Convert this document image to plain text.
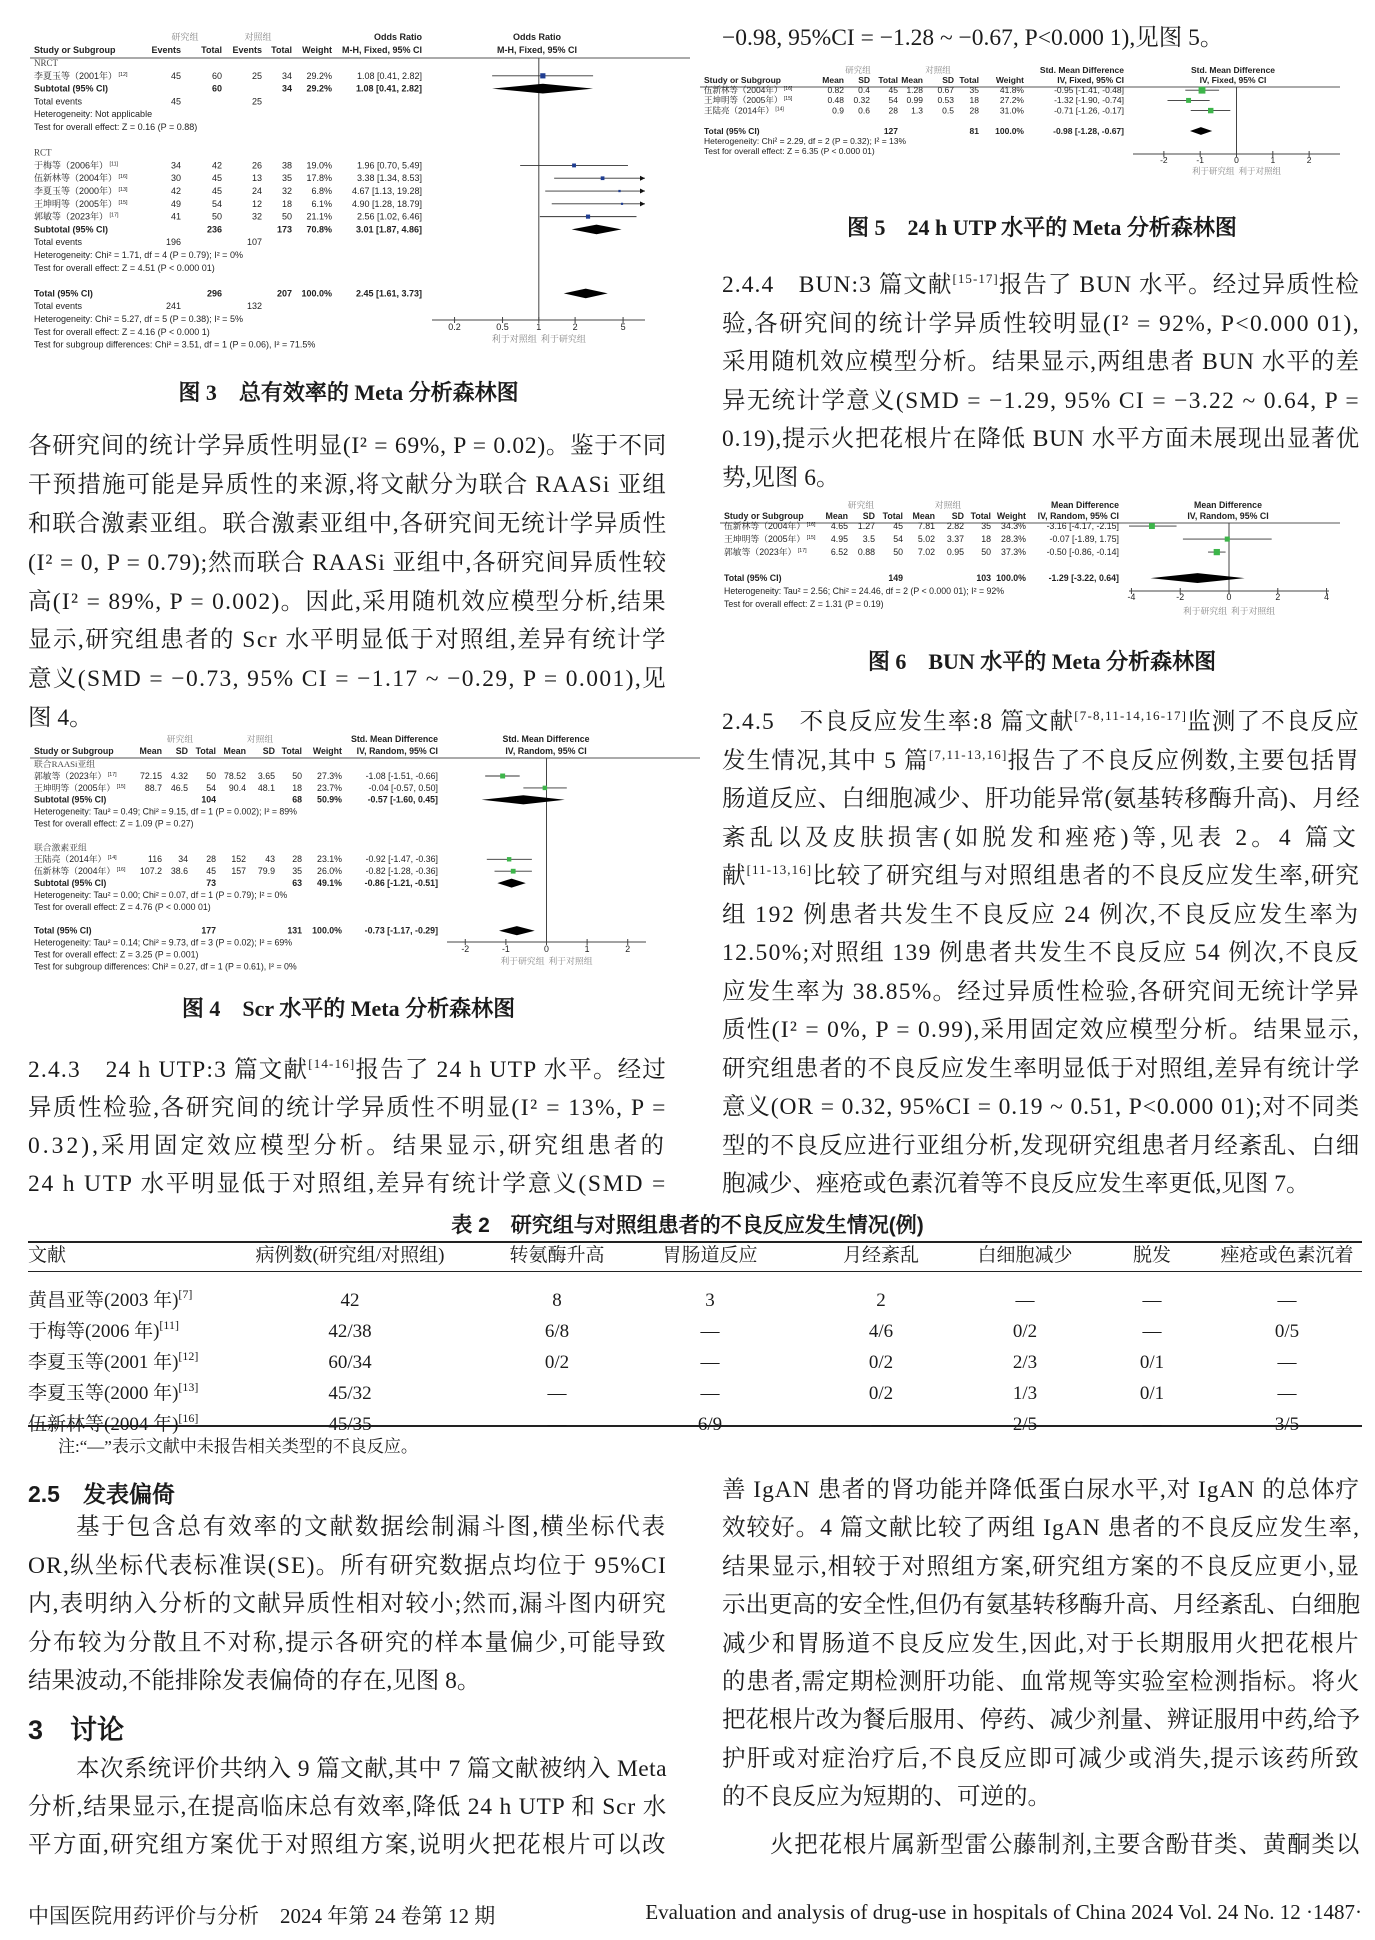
研究组	对照组	Odds Ratio	Odds Ratio
Study or Subgroup	Events Total Events Total Weight M-H, Fixed, 95% CI	M-H, Fixed, 95% CI
0.2	0.5	1	2	5
利于对照组 利于研究组
NRCT
李夏玉等（2001年） [12]	45	60	25 34 29.2%	1.08 [0.41, 2.82]
Subtotal (95% CI)	60	34 29.2%	1.08 [0.41, 2.82]
Total events	45	25
Heterogeneity: Not applicable
Test for overall effect: Z = 0.16 (P = 0.88)
RCT
于梅等（2006年） [11]	34	42	26 38 19.0%	1.96 [0.70, 5.49]
伍新林等（2004年） [16]	30	45	13 35 17.8%	3.38 [1.34, 8.53]
李夏玉等（2000年） [13]	42	45	24 32 6.8% 4.67 [1.13, 19.28]
王坤明等（2005年） [15]	49	54	12 18 6.1% 4.90 [1.28, 18.79]
郭敏等（2023年） [17]	41	50	32 50 21.1%	2.56 [1.02, 6.46]
Subtotal (95% CI)	236	173 70.8%	3.01 [1.87, 4.86]
Total events	196	107
Heterogeneity: Chi² = 1.71, df = 4 (P = 0.79); I² = 0%
Test for overall effect: Z = 4.51 (P < 0.000 01)
Total (95% CI)	296	207 100.0%	2.45 [1.61, 3.73]
Total events	241	132
Heterogeneity: Chi² = 5.27, df = 5 (P = 0.38); I² = 5%
Test for overall effect: Z = 4.16 (P < 0.000 1)
Test for subgroup differences: Chi² = 3.51, df = 1 (P = 0.06), I² = 71.5%
图 3　总有效率的 Meta 分析森林图
各研究间的统计学异质性明显(I² = 69%, P = 0.02)。鉴于不同
干预措施可能是异质性的来源,将文献分为联合 RAASi 亚组
和联合激素亚组。联合激素亚组中,各研究间无统计学异质性
(I² = 0, P = 0.79);然而联合 RAASi 亚组中,各研究间异质性较
高(I² = 89%, P = 0.002)。因此,采用随机效应模型分析,结果
显示,研究组患者的 Scr 水平明显低于对照组,差异有统计学
意义(SMD = −0.73, 95% CI = −1.17 ~ −0.29, P = 0.001),见
图 4。
研究组	对照组	Std. Mean Difference	Std. Mean Difference
Study or Subgroup	Mean SD Total Mean SD Total Weight IV, Random, 95% CI	IV, Random, 95% CI
-2	-1	0	1	2
利于研究组 利于对照组
联合RAASi亚组
郭敏等（2023年） [17]	72.15 4.32 50 78.52 3.65 50 27.3%	-1.08 [-1.51, -0.66]
王坤明等（2005年） [15] 88.7 46.5 54 90.4 48.1 18 23.7%	-0.04 [-0.57, 0.50]
Subtotal (95% CI)	104	68 50.9%	-0.57 [-1.60, 0.45]
Heterogeneity: Tau² = 0.49; Chi² = 9.15, df = 1 (P = 0.002); I² = 89%
Test for overall effect: Z = 1.09 (P = 0.27)
联合激素亚组
王陆亮（2014年） [14]	116 34 28 152 43 28 23.1%	-0.92 [-1.47, -0.36]
伍新林等（2004年） [16] 107.2 38.6 45 157 79.9 35 26.0%	-0.82 [-1.28, -0.36]
Subtotal (95% CI)	73	63 49.1%	-0.86 [-1.21, -0.51]
Heterogeneity: Tau² = 0.00; Chi² = 0.07, df = 1 (P = 0.79); I² = 0%
Test for overall effect: Z = 4.76 (P < 0.000 01)
Total (95% CI)	177	131 100.0%	-0.73 [-1.17, -0.29]
Heterogeneity: Tau² = 0.14; Chi² = 9.73, df = 3 (P = 0.02); I² = 69%
Test for overall effect: Z = 3.25 (P = 0.001)
Test for subgroup differences: Chi² = 0.27, df = 1 (P = 0.61), I² = 0%
图 4　Scr 水平的 Meta 分析森林图
2.4.3　24 h UTP:3 篇文献[14-16]报告了 24 h UTP 水平。经过
异质性检验,各研究间的统计学异质性不明显(I² = 13%, P =
0.32),采用固定效应模型分析。结果显示,研究组患者的
24 h UTP 水平明显低于对照组,差异有统计学意义(SMD =
−0.98, 95%CI = −1.28 ~ −0.67, P<0.000 1),见图 5。
研究组	对照组	Std. Mean Difference	Std. Mean Difference
Study or Subgroup	Mean SD Total Mean SD Total Weight	IV, Fixed, 95% CI	IV, Fixed, 95% CI
-2	-1	0	1	2
利于研究组 利于对照组
伍新林等（2004年） [16]	0.82 0.4 45 1.28 0.67 35 41.8%	-0.95 [-1.41, -0.48]
王坤明等（2005年） [15]	0.48 0.32 54 0.99 0.53 18 27.2%	-1.32 [-1.90, -0.74]
王陆亮（2014年） [14]	0.9 0.6 28 1.3 0.5 28 31.0%	-0.71 [-1.26, -0.17]
Total (95% CI)	127	81 100.0%	-0.98 [-1.28, -0.67]
Heterogeneity: Chi² = 2.29, df = 2 (P = 0.32); I² = 13%
Test for overall effect: Z = 6.35 (P < 0.000 01)
图 5　24 h UTP 水平的 Meta 分析森林图
2.4.4　BUN:3 篇文献[15-17]报告了 BUN 水平。经过异质性检
验,各研究间的统计学异质性较明显(I² = 92%, P<0.000 01),
采用随机效应模型分析。结果显示,两组患者 BUN 水平的差
异无统计学意义(SMD = −1.29, 95% CI = −3.22 ~ 0.64, P =
0.19),提示火把花根片在降低 BUN 水平方面未展现出显著优
势,见图 6。
研究组	对照组	Mean Difference	Mean Difference
Study or Subgroup Mean SD Total Mean SD Total Weight IV, Random, 95% CI	IV, Random, 95% CI
-4	-2	0	2	4
利于研究组 利于对照组
伍新林等（2004年） [16] 4.65 1.27 45 7.81 2.82 35 34.3% -3.16 [-4.17, -2.15]
王坤明等（2005年） [15] 4.95 3.5 54 5.02 3.37 18 28.3%	-0.07 [-1.89, 1.75]
郭敏等（2023年） [17]	6.52 0.88 50 7.02 0.95 50 37.3% -0.50 [-0.86, -0.14]
Total (95% CI)	149	103 100.0%	-1.29 [-3.22, 0.64]
Heterogeneity: Tau² = 2.56; Chi² = 24.46, df = 2 (P < 0.000 01); I² = 92%
Test for overall effect: Z = 1.31 (P = 0.19)
图 6　BUN 水平的 Meta 分析森林图
2.4.5　不良反应发生率:8 篇文献[7-8,11-14,16-17]监测了不良反应
发生情况,其中 5 篇[7,11-13,16]报告了不良反应例数,主要包括胃
肠道反应、白细胞减少、肝功能异常(氨基转移酶升高)、月经
紊乱以及皮肤损害(如脱发和痤疮)等,见表 2。4 篇文
献[11-13,16]比较了研究组与对照组患者的不良反应发生率,研究
组 192 例患者共发生不良反应 24 例次,不良反应发生率为
12.50%;对照组 139 例患者共发生不良反应 54 例次,不良反
应发生率为 38.85%。经过异质性检验,各研究间无统计学异
质性(I² = 0%, P = 0.99),采用固定效应模型分析。结果显示,
研究组患者的不良反应发生率明显低于对照组,差异有统计学
意义(OR = 0.32, 95%CI = 0.19 ~ 0.51, P<0.000 01);对不同类
型的不良反应进行亚组分析,发现研究组患者月经紊乱、白细
胞减少、痤疮或色素沉着等不良反应发生率更低,见图 7。
表 2　研究组与对照组患者的不良反应发生情况(例)
文献	病例数(研究组/对照组)	转氨酶升高	胃肠道反应	月经紊乱	白细胞减少	脱发	痤疮或色素沉着
黄昌亚等(2003 年)[7]	42	8	3	2	—	—	—
于梅等(2006 年)[11]	42/38	6/8	—	4/6	0/2	—	0/5
李夏玉等(2001 年)[12]	60/34	0/2	—	0/2	2/3	0/1	—
李夏玉等(2000 年)[13]	45/32	—	—	0/2	1/3	0/1	—
伍新林等(2004 年)[16]	45/35	—	6/9	—	2/5	—	3/5
注:“—”表示文献中未报告相关类型的不良反应。
2.5　发表偏倚
基于包含总有效率的文献数据绘制漏斗图,横坐标代表
OR,纵坐标代表标准误(SE)。所有研究数据点均位于 95%CI
内,表明纳入分析的文献异质性相对较小;然而,漏斗图内研究
分布较为分散且不对称,提示各研究的样本量偏少,可能导致
结果波动,不能排除发表偏倚的存在,见图 8。
3　讨论
本次系统评价共纳入 9 篇文献,其中 7 篇文献被纳入 Meta
分析,结果显示,在提高临床总有效率,降低 24 h UTP 和 Scr 水
平方面,研究组方案优于对照组方案,说明火把花根片可以改
善 IgAN 患者的肾功能并降低蛋白尿水平,对 IgAN 的总体疗
效较好。4 篇文献比较了两组 IgAN 患者的不良反应发生率,
结果显示,相较于对照组方案,研究组方案的不良反应更小,显
示出更高的安全性,但仍有氨基转移酶升高、月经紊乱、白细胞
减少和胃肠道不良反应发生,因此,对于长期服用火把花根片
的患者,需定期检测肝功能、血常规等实验室检测指标。将火
把花根片改为餐后服用、停药、减少剂量、辨证服用中药,给予
护肝或对症治疗后,不良反应即可减少或消失,提示该药所致
的不良反应为短期的、可逆的。
火把花根片属新型雷公藤制剂,主要含酚苷类、黄酮类以
中国医院用药评价与分析　2024 年第 24 卷第 12 期	Evaluation and analysis of drug-use in hospitals of China 2024 Vol. 24 No. 12 ·1487·
